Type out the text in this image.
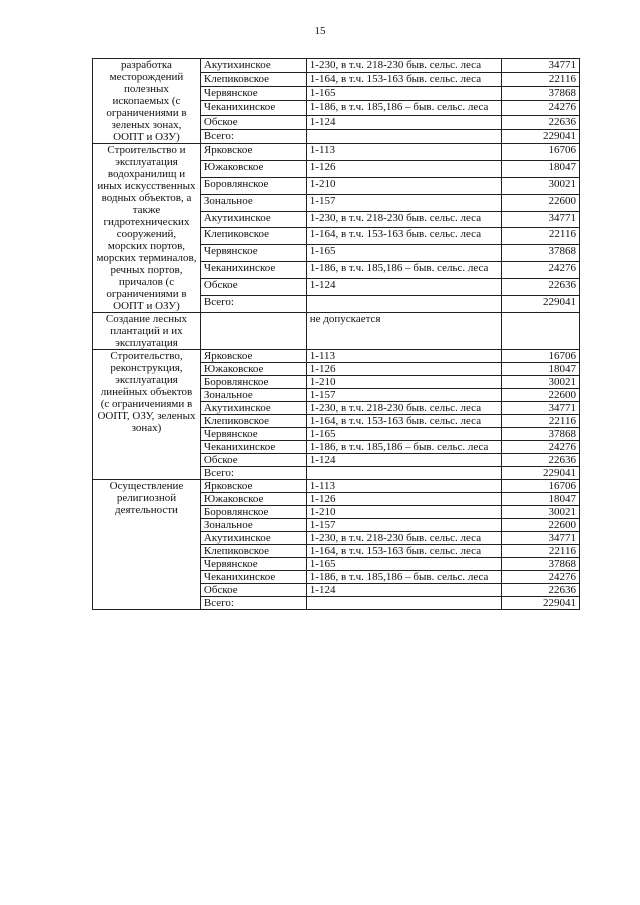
15
разработка месторождений полезных ископаемых (с ограничениями в зеленых зонах, ООПТ и ОЗУ)	Акутихинское	1-230, в т.ч. 218-230 быв. сельс. леса	34771
	Клепиковское	1-164, в т.ч. 153-163 быв. сельс. леса	22116
	Червянское	1-165	37868
	Чеканихинское	1-186, в т.ч. 185,186 – быв. сельс. леса	24276
	Обское	1-124	22636
	Всего:		229041
Строительство и эксплуатация водохранилищ и иных искусственных водных объектов, а также гидротехнических сооружений, морских портов, морских терминалов, речных портов, причалов (с ограничениями в ООПТ и ОЗУ)	Ярковское	1-113	16706
	Южаковское	1-126	18047
	Боровлянское	1-210	30021
	Зональное	1-157	22600
	Акутихинское	1-230, в т.ч. 218-230 быв. сельс. леса	34771
	Клепиковское	1-164, в т.ч. 153-163 быв. сельс. леса	22116
	Червянское	1-165	37868
	Чеканихинское	1-186, в т.ч. 185,186 – быв. сельс. леса	24276
	Обское	1-124	22636
	Всего:		229041
Создание лесных плантаций и их эксплуатация		не допускается	
Строительство, реконструкция, эксплуатация линейных объектов (с ограничениями в ООПТ, ОЗУ, зеленых зонах)	Ярковское	1-113	16706
	Южаковское	1-126	18047
	Боровлянское	1-210	30021
	Зональное	1-157	22600
	Акутихинское	1-230, в т.ч. 218-230 быв. сельс. леса	34771
	Клепиковское	1-164, в т.ч. 153-163 быв. сельс. леса	22116
	Червянское	1-165	37868
	Чеканихинское	1-186, в т.ч. 185,186 – быв. сельс. леса	24276
	Обское	1-124	22636
	Всего:		229041
Осуществление религиозной деятельности	Ярковское	1-113	16706
	Южаковское	1-126	18047
	Боровлянское	1-210	30021
	Зональное	1-157	22600
	Акутихинское	1-230, в т.ч. 218-230 быв. сельс. леса	34771
	Клепиковское	1-164, в т.ч. 153-163 быв. сельс. леса	22116
	Червянское	1-165	37868
	Чеканихинское	1-186, в т.ч. 185,186 – быв. сельс. леса	24276
	Обское	1-124	22636
	Всего:		229041
